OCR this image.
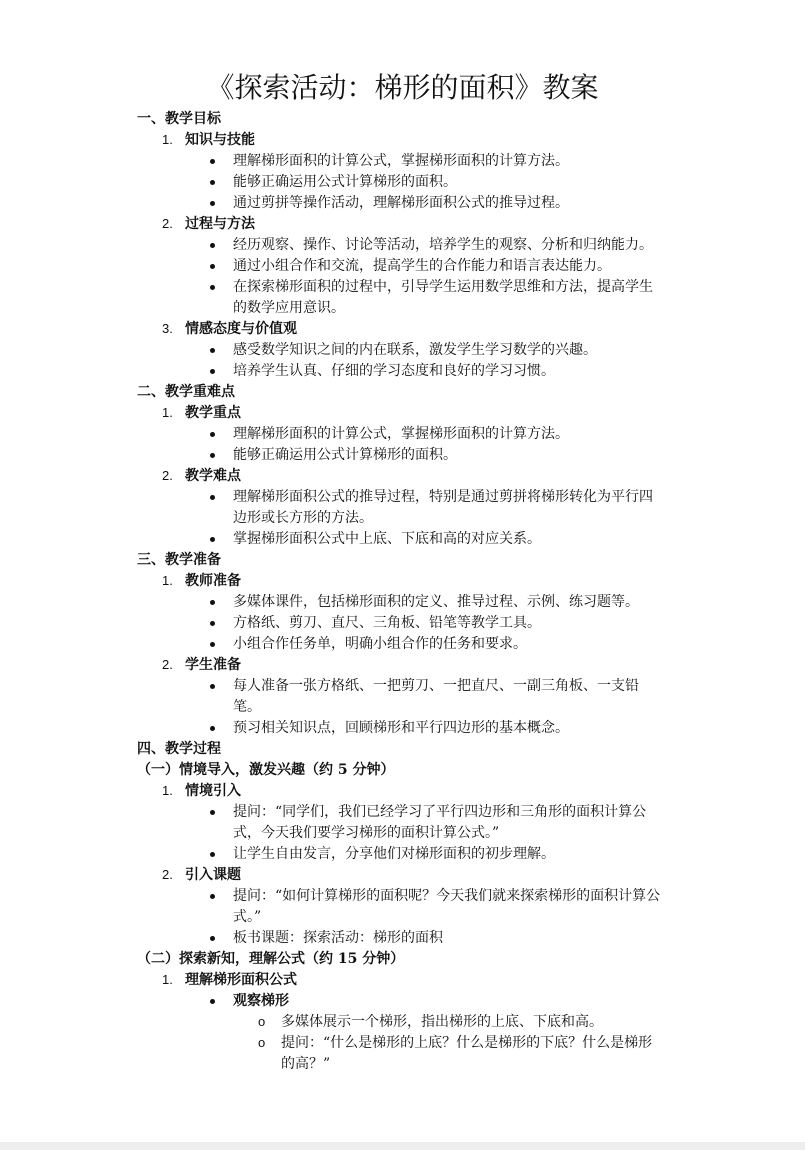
《探索活动：梯形的面积》教案
一、教学目标
1. 知识与技能
理解梯形面积的计算公式，掌握梯形面积的计算方法。
能够正确运用公式计算梯形的面积。
通过剪拼等操作活动，理解梯形面积公式的推导过程。
2. 过程与方法
经历观察、操作、讨论等活动，培养学生的观察、分析和归纳能力。
通过小组合作和交流，提高学生的合作能力和语言表达能力。
在探索梯形面积的过程中，引导学生运用数学思维和方法，提高学生
的数学应用意识。
3. 情感态度与价值观
感受数学知识之间的内在联系，激发学生学习数学的兴趣。
培养学生认真、仔细的学习态度和良好的学习习惯。
二、教学重难点
1. 教学重点
理解梯形面积的计算公式，掌握梯形面积的计算方法。
能够正确运用公式计算梯形的面积。
2. 教学难点
理解梯形面积公式的推导过程，特别是通过剪拼将梯形转化为平行四
边形或长方形的方法。
掌握梯形面积公式中上底、下底和高的对应关系。
三、教学准备
1. 教师准备
多媒体课件，包括梯形面积的定义、推导过程、示例、练习题等。
方格纸、剪刀、直尺、三角板、铅笔等教学工具。
小组合作任务单，明确小组合作的任务和要求。
2. 学生准备
每人准备一张方格纸、一把剪刀、一把直尺、一副三角板、一支铅
笔。
预习相关知识点，回顾梯形和平行四边形的基本概念。
四、教学过程
（一）情境导入，激发兴趣（约 5 分钟）
1. 情境引入
提问：“同学们，我们已经学习了平行四边形和三角形的面积计算公
式，今天我们要学习梯形的面积计算公式。”
让学生自由发言，分享他们对梯形面积的初步理解。
2. 引入课题
提问：“如何计算梯形的面积呢？今天我们就来探索梯形的面积计算公
式。”
板书课题：探索活动：梯形的面积
（二）探索新知，理解公式（约 15 分钟）
1. 理解梯形面积公式
观察梯形
o 多媒体展示一个梯形，指出梯形的上底、下底和高。
o 提问：“什么是梯形的上底？什么是梯形的下底？什么是梯形
的高？”
